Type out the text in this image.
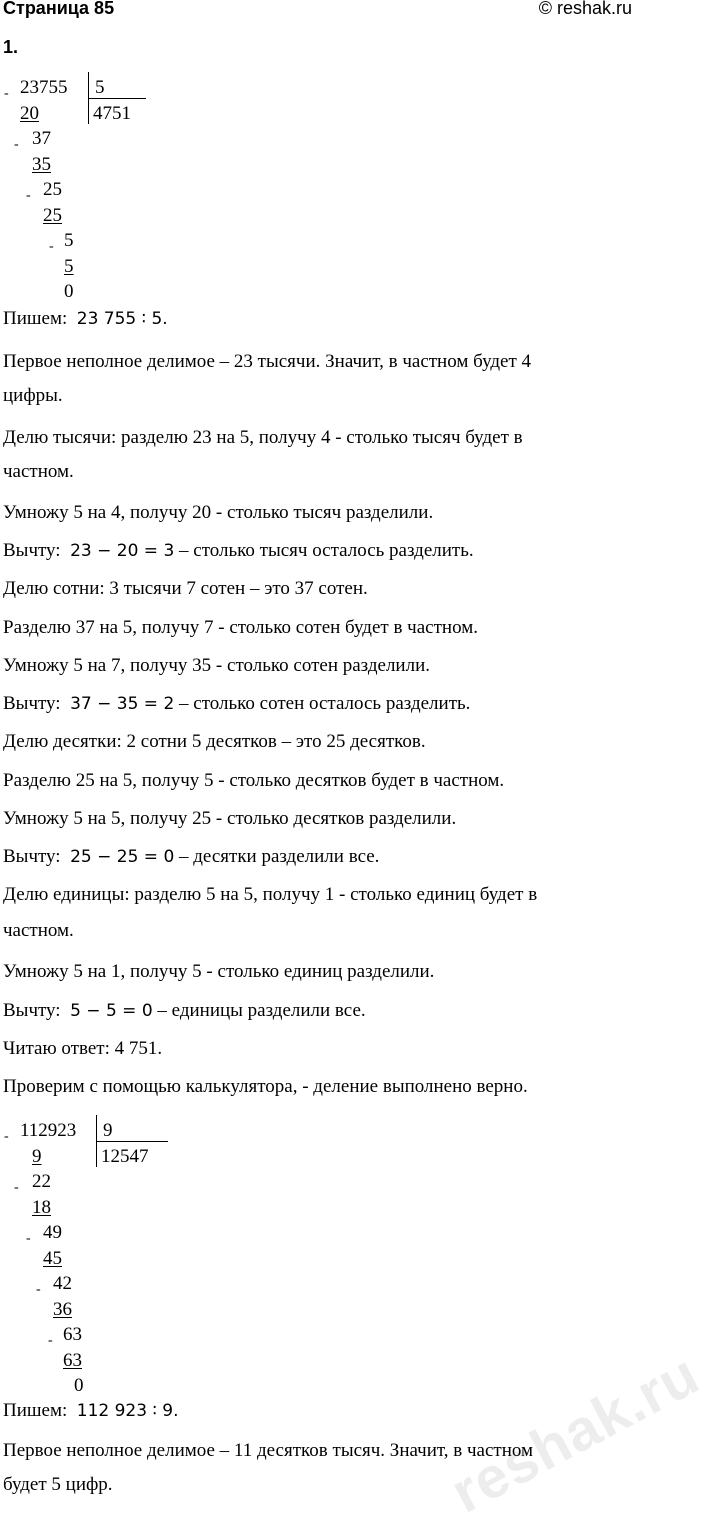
Страница 85	© reshak.ru
1.
- 23755 5
4751
20
- 37
35
- 25
25
- 5
5
0
Пишем: 23 755 ∶ 5.
Первое неполное делимое – 23 тысячи. Значит, в частном будет 4
цифры.
Делю тысячи: разделю 23 на 5, получу 4 - столько тысяч будет в
частном.
Умножу 5 на 4, получу 20 - столько тысяч разделили.
Вычту: 23 − 20 = 3 – столько тысяч осталось разделить.
Делю сотни: 3 тысячи 7 сотен – это 37 сотен.
Разделю 37 на 5, получу 7 - столько сотен будет в частном.
Умножу 5 на 7, получу 35 - столько сотен разделили.
Вычту: 37 − 35 = 2 – столько сотен осталось разделить.
Делю десятки: 2 сотни 5 десятков – это 25 десятков.
Разделю 25 на 5, получу 5 - столько десятков будет в частном.
Умножу 5 на 5, получу 25 - столько десятков разделили.
Вычту: 25 − 25 = 0 – десятки разделили все.
Делю единицы: разделю 5 на 5, получу 1 - столько единиц будет в
частном.
Умножу 5 на 1, получу 5 - столько единиц разделили.
Вычту: 5 − 5 = 0 – единицы разделили все.
Читаю ответ: 4 751.
Проверим с помощью калькулятора, - деление выполнено верно.
- 112923 9
12547
9
- 22
18
- 49
45
- 42
36
- 63
63
0
Пишем: 112 923 ∶ 9.
Первое неполное делимое – 11 десятков тысяч. Значит, в частном
будет 5 цифр.	reshak.ru
